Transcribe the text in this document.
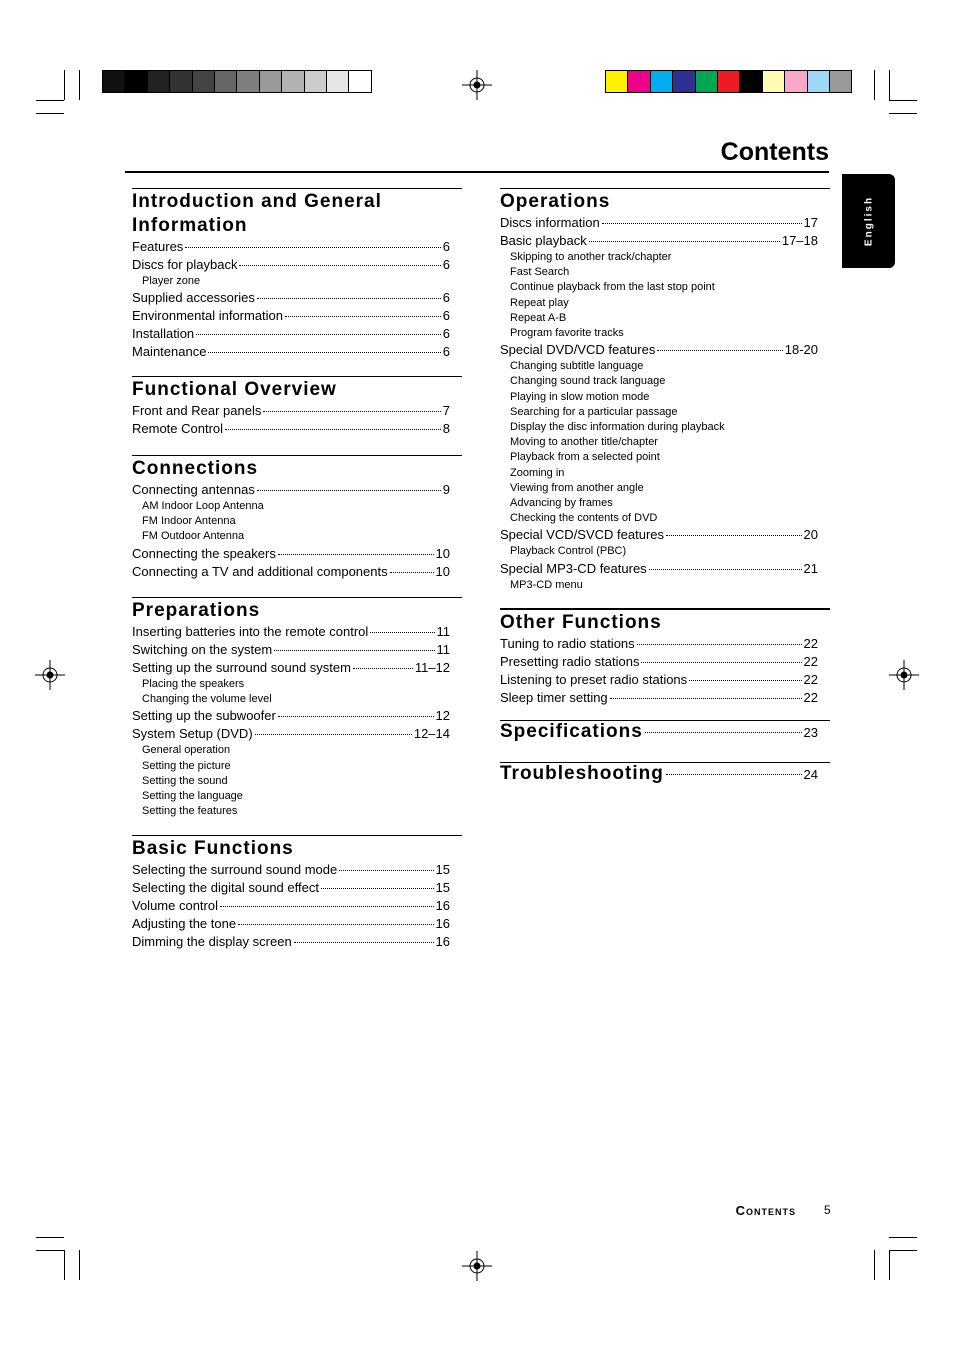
Contents
English
Introduction and General Information
Features	6
Discs for playback	6
Player zone
Supplied accessories	6
Environmental information	6
Installation	6
Maintenance	6
Functional Overview
Front and Rear panels	7
Remote Control	8
Connections
Connecting antennas	9
AM Indoor Loop Antenna
FM Indoor Antenna
FM Outdoor Antenna
Connecting the speakers	10
Connecting a TV and additional components	10
Preparations
Inserting batteries into the remote control	11
Switching on the system	11
Setting up the surround sound system	11–12
Placing the speakers
Changing the volume level
Setting up the subwoofer	12
System Setup (DVD)	12–14
General operation
Setting the picture
Setting the sound
Setting the language
Setting the features
Basic Functions
Selecting the surround sound mode	15
Selecting the digital sound effect	15
Volume control	16
Adjusting the tone	16
Dimming the display screen	16
Operations
Discs information	17
Basic playback	17–18
Skipping to another track/chapter
Fast Search
Continue playback from the last stop point
Repeat play
Repeat A-B
Program favorite tracks
Special DVD/VCD features	18-20
Changing subtitle language
Changing sound track language
Playing in slow motion mode
Searching for a particular passage
Display the disc information during playback
Moving to another title/chapter
Playback from a selected point
Zooming in
Viewing from another angle
Advancing by frames
Checking the contents of DVD
Special VCD/SVCD features	20
Playback Control (PBC)
Special MP3-CD features	21
MP3-CD menu
Other Functions
Tuning to radio stations	22
Presetting radio stations	22
Listening to preset radio stations	22
Sleep timer setting	22
Specifications	23
Troubleshooting	24
Contents 5
